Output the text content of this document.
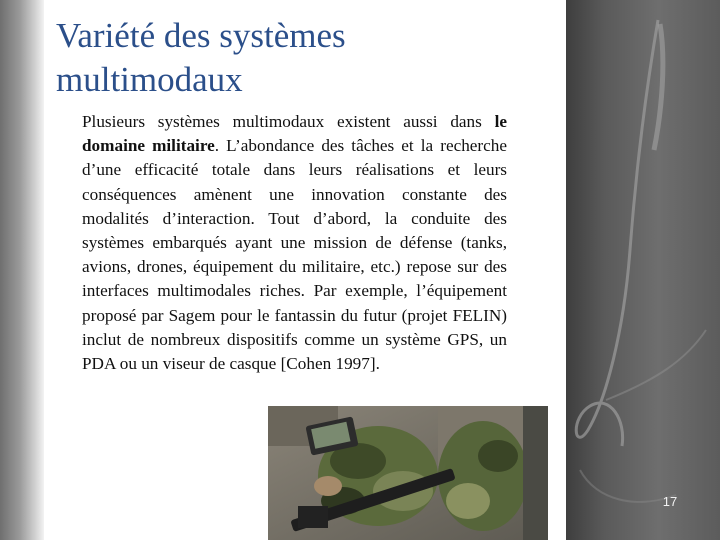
Variété des systèmes
multimodaux

Plusieurs systèmes multimodaux existent aussi dans le domaine militaire. L’abondance des tâches et la recherche d’une efficacité totale dans leurs réalisations et leurs conséquences amènent une innovation constante des modalités d’interaction. Tout d’abord, la conduite des systèmes embarqués ayant une mission de défense (tanks, avions, drones, équipement du militaire, etc.) repose sur des interfaces multimodales riches. Par exemple, l’équipement proposé par Sagem pour le fantassin du futur (projet FELIN) inclut de nombreux dispositifs comme un système GPS, un PDA ou un viseur de casque [Cohen 1997].

17
